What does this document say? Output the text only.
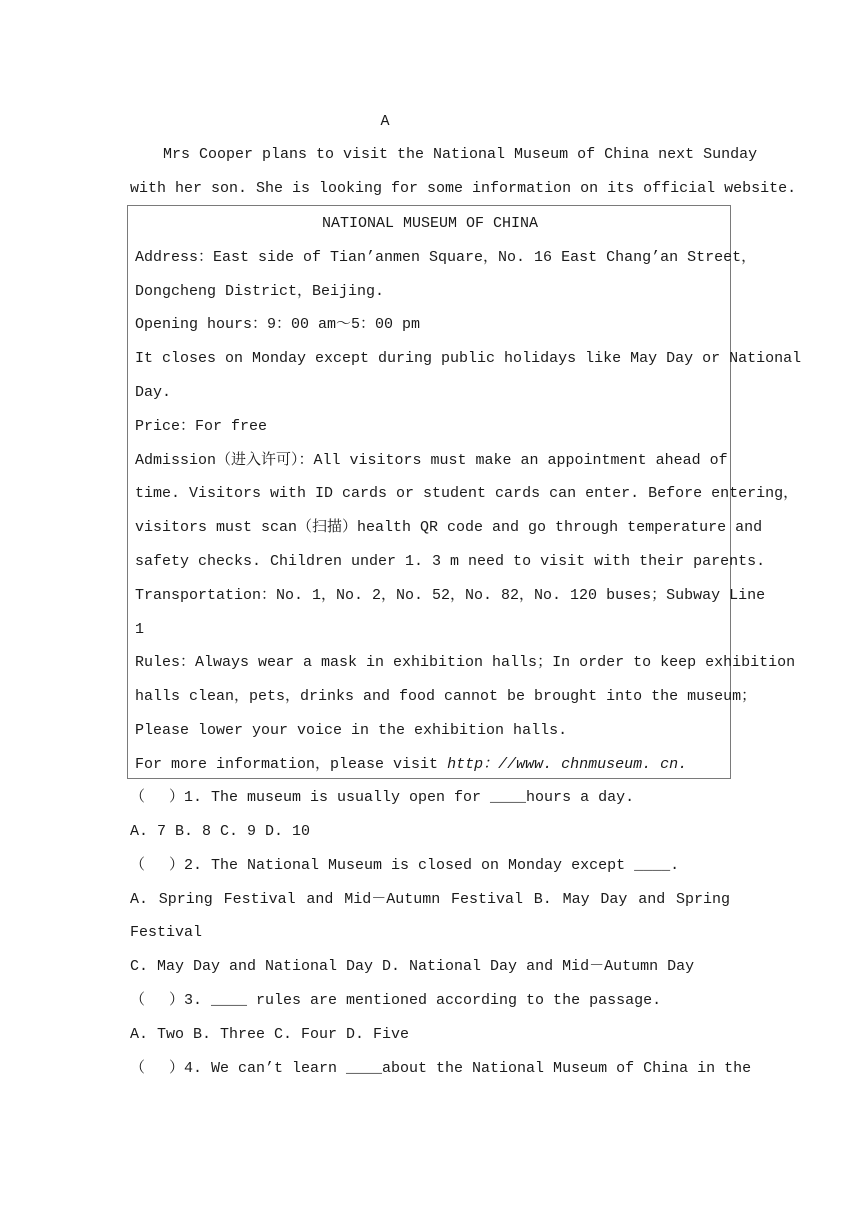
A
Mrs Cooper plans to visit the National Museum of China next Sunday
with her son. She is looking for some information on its official website.
NATIONAL MUSEUM OF CHINA
Address：East side of Tian’anmen Square，No. 16 East Chang’an Street，
Dongcheng District，Beijing.
Opening hours：9：00 am～5：00 pm
It closes on Monday except during public holidays like May Day or National
Day.
Price：For free
Admission（进入许可）：All visitors must make an appointment ahead of
time. Visitors with ID cards or student cards can enter. Before entering，
visitors must scan（扫描）health QR code and go through temperature and
safety checks. Children under 1. 3 m need to visit with their parents.
Transportation：No. 1，No. 2，No. 52，No. 82，No. 120 buses；Subway Line
1
Rules：Always wear a mask in exhibition halls；In order to keep exhibition
halls clean，pets，drinks and food cannot be brought into the museum；
Please lower your voice in the exhibition halls.
For more information，please visit http：//www. chnmuseum. cn.
（　 ）1. The museum is usually open for ____hours a day.
A. 7 B. 8 C. 9 D. 10
（　 ）2. The National Museum is closed on Monday except ____.
A. Spring Festival and Mid－Autumn Festival B. May Day and Spring
Festival
C. May Day and National Day D. National Day and Mid－Autumn Day
（　 ）3. ____ rules are mentioned according to the passage.
A. Two B. Three C. Four D. Five
（　 ）4. We can’t learn ____about the National Museum of China in the
